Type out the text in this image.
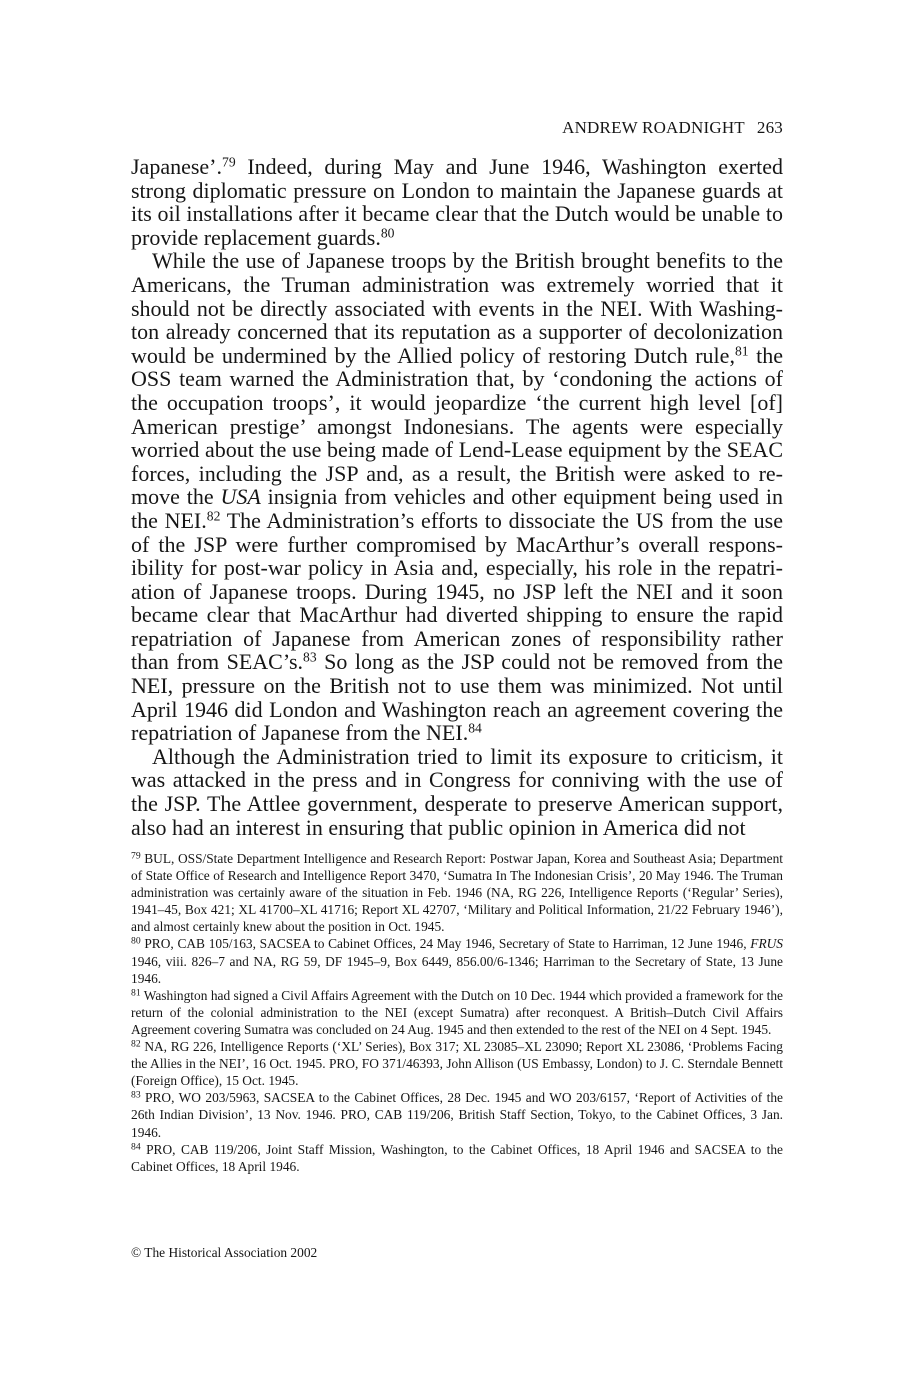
ANDREW ROADNIGHT 263

Japanese’.$^{79}$ Indeed, during May and June 1946, Washington exerted strong diplomatic pressure on London to maintain the Japanese guards at its oil installations after it became clear that the Dutch would be unable to provide replacement guards.$^{80}$

While the use of Japanese troops by the British brought benefits to the Americans, the Truman administration was extremely worried that it should not be directly associated with events in the NEI. With Washington already concerned that its reputation as a supporter of decolonization would be undermined by the Allied policy of restoring Dutch rule,$^{81}$ the OSS team warned the Administration that, by ‘condoning the actions of the occupation troops’, it would jeopardize ‘the current high level [of] American prestige’ amongst Indonesians. The agents were especially worried about the use being made of Lend-Lease equipment by the SEAC forces, including the JSP and, as a result, the British were asked to remove the USA insignia from vehicles and other equipment being used in the NEI.$^{82}$ The Administration’s efforts to dissociate the US from the use of the JSP were further compromised by MacArthur’s overall responsibility for post-war policy in Asia and, especially, his role in the repatriation of Japanese troops. During 1945, no JSP left the NEI and it soon became clear that MacArthur had diverted shipping to ensure the rapid repatriation of Japanese from American zones of responsibility rather than from SEAC’s.$^{83}$ So long as the JSP could not be removed from the NEI, pressure on the British not to use them was minimized. Not until April 1946 did London and Washington reach an agreement covering the repatriation of Japanese from the NEI.$^{84}$

Although the Administration tried to limit its exposure to criticism, it was attacked in the press and in Congress for conniving with the use of the JSP. The Attlee government, desperate to preserve American support, also had an interest in ensuring that public opinion in America did not

$^{79}$ BUL, OSS/State Department Intelligence and Research Report: Postwar Japan, Korea and Southeast Asia; Department of State Office of Research and Intelligence Report 3470, ‘Sumatra In The Indonesian Crisis’, 20 May 1946. The Truman administration was certainly aware of the situation in Feb. 1946 (NA, RG 226, Intelligence Reports (‘Regular’ Series), 1941–45, Box 421; XL 41700–XL 41716; Report XL 42707, ‘Military and Political Information, 21/22 February 1946’), and almost certainly knew about the position in Oct. 1945.

$^{80}$ PRO, CAB 105/163, SACSEA to Cabinet Offices, 24 May 1946, Secretary of State to Harriman, 12 June 1946, FRUS 1946, viii. 826–7 and NA, RG 59, DF 1945–9, Box 6449, 856.00/6-1346; Harriman to the Secretary of State, 13 June 1946.

$^{81}$ Washington had signed a Civil Affairs Agreement with the Dutch on 10 Dec. 1944 which provided a framework for the return of the colonial administration to the NEI (except Sumatra) after reconquest. A British–Dutch Civil Affairs Agreement covering Sumatra was concluded on 24 Aug. 1945 and then extended to the rest of the NEI on 4 Sept. 1945.

$^{82}$ NA, RG 226, Intelligence Reports (‘XL’ Series), Box 317; XL 23085–XL 23090; Report XL 23086, ‘Problems Facing the Allies in the NEI’, 16 Oct. 1945. PRO, FO 371/46393, John Allison (US Embassy, London) to J. C. Sterndale Bennett (Foreign Office), 15 Oct. 1945.

$^{83}$ PRO, WO 203/5963, SACSEA to the Cabinet Offices, 28 Dec. 1945 and WO 203/6157, ‘Report of Activities of the 26th Indian Division’, 13 Nov. 1946. PRO, CAB 119/206, British Staff Section, Tokyo, to the Cabinet Offices, 3 Jan. 1946.

$^{84}$ PRO, CAB 119/206, Joint Staff Mission, Washington, to the Cabinet Offices, 18 April 1946 and SACSEA to the Cabinet Offices, 18 April 1946.

© The Historical Association 2002
